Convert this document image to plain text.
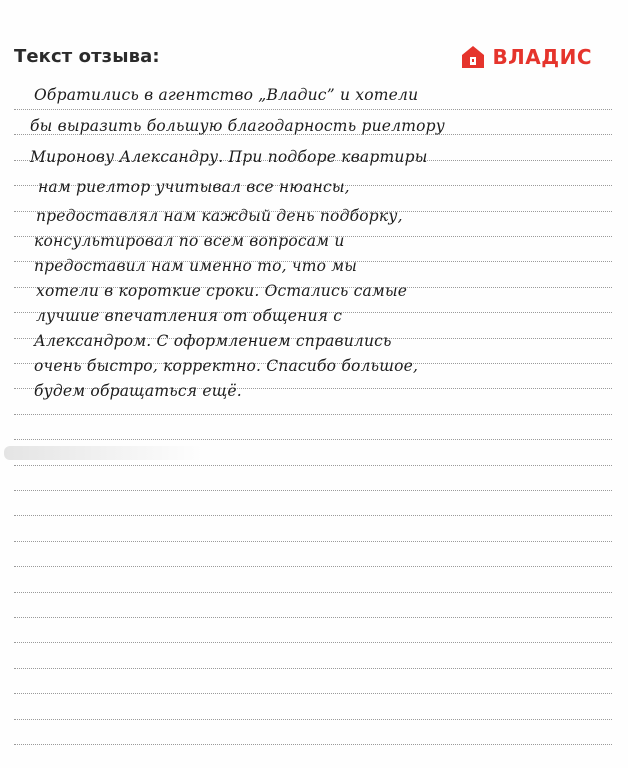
Текст отзыва:	ВЛАДИС
Обратились в агентство „Владис” и хотели
бы выразить большую благодарность риелтору
Миронову Александру. При подборе квартиры
нам риелтор учитывал все нюансы,
предоставлял нам каждый день подборку,
консультировал по всем вопросам и
предоставил нам именно то, что мы
хотели в короткие сроки. Остались самые
лучшие впечатления от общения с
Александром. С оформлением справились
очень быстро, корректно. Спасибо большое,
будем обращаться ещё.
